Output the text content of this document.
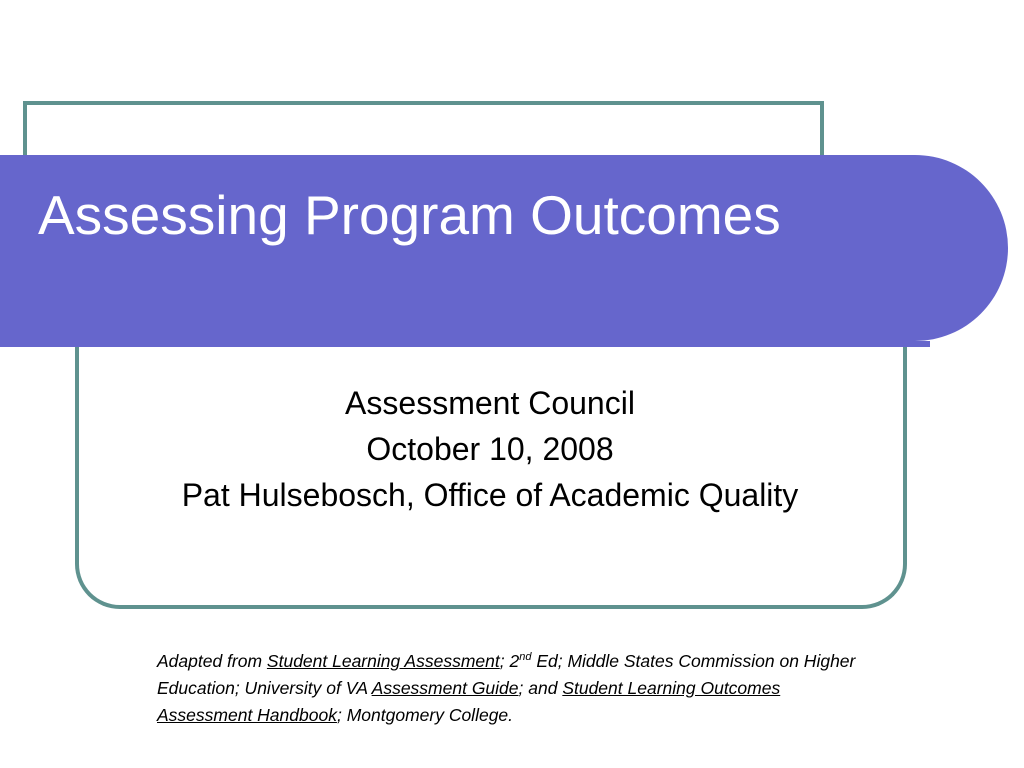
Assessing Program Outcomes
Assessment Council
October 10, 2008
Pat Hulsebosch, Office of Academic Quality
Adapted from Student Learning Assessment; 2nd Ed; Middle States Commission on Higher Education; University of VA Assessment Guide; and Student Learning Outcomes Assessment Handbook; Montgomery College.
